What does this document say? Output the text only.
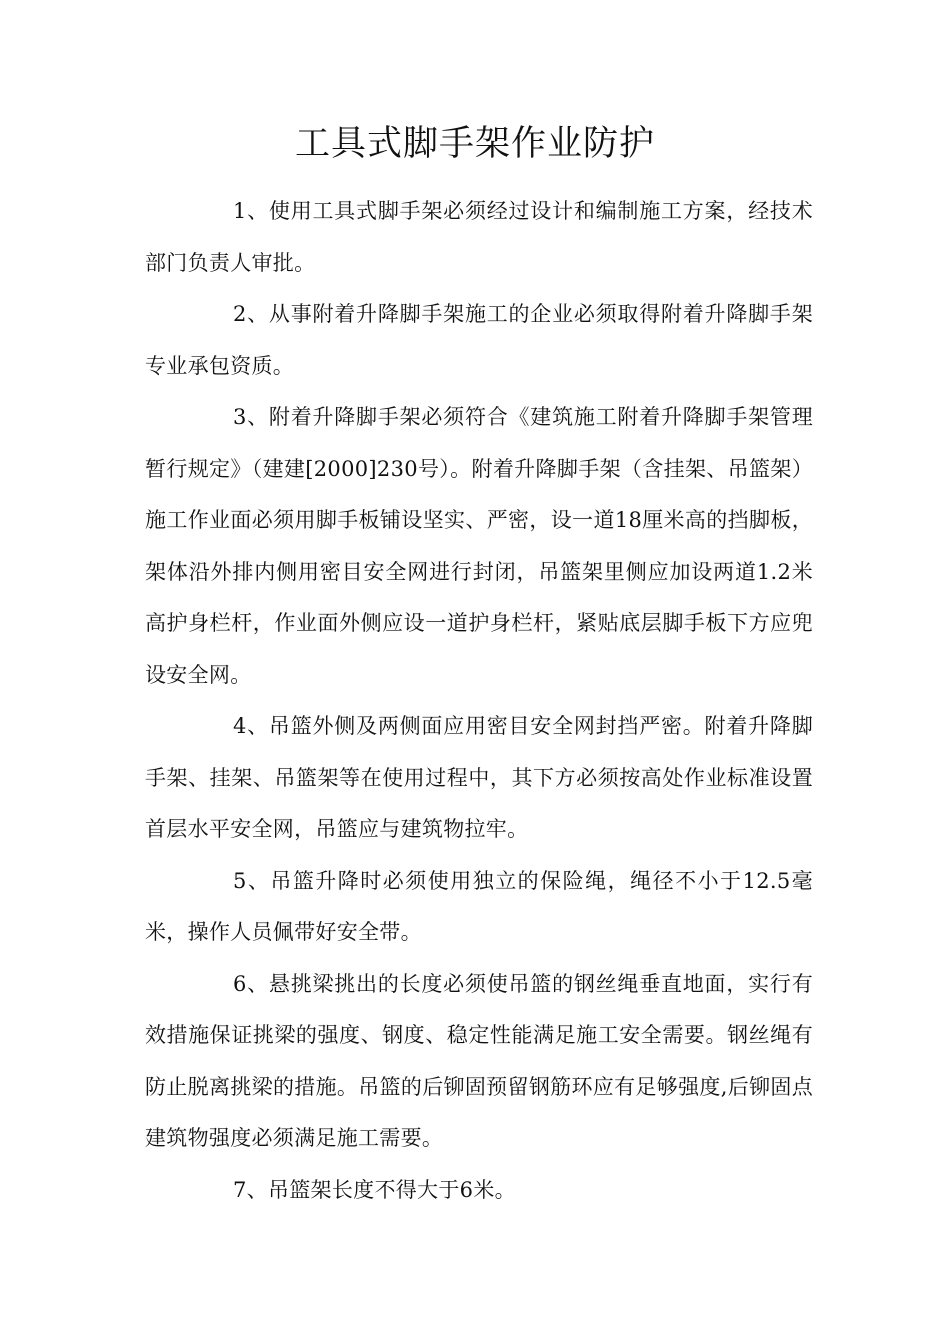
工具式脚手架作业防护

1、使用工具式脚手架必须经过设计和编制施工方案，经技术部门负责人审批。

2、从事附着升降脚手架施工的企业必须取得附着升降脚手架专业承包资质。

3、附着升降脚手架必须符合《建筑施工附着升降脚手架管理暂行规定》（建建[2000]230号）。附着升降脚手架（含挂架、吊篮架）施工作业面必须用脚手板铺设坚实、严密，设一道18厘米高的挡脚板，架体沿外排内侧用密目安全网进行封闭，吊篮架里侧应加设两道1.2米高护身栏杆，作业面外侧应设一道护身栏杆，紧贴底层脚手板下方应兜设安全网。

4、吊篮外侧及两侧面应用密目安全网封挡严密。附着升降脚手架、挂架、吊篮架等在使用过程中，其下方必须按高处作业标准设置首层水平安全网，吊篮应与建筑物拉牢。

5、吊篮升降时必须使用独立的保险绳，绳径不小于12.5毫米，操作人员佩带好安全带。

6、悬挑梁挑出的长度必须使吊篮的钢丝绳垂直地面，实行有效措施保证挑梁的强度、钢度、稳定性能满足施工安全需要。钢丝绳有防止脱离挑梁的措施。吊篮的后铆固预留钢筋环应有足够强度,后铆固点建筑物强度必须满足施工需要。

7、吊篮架长度不得大于6米。
